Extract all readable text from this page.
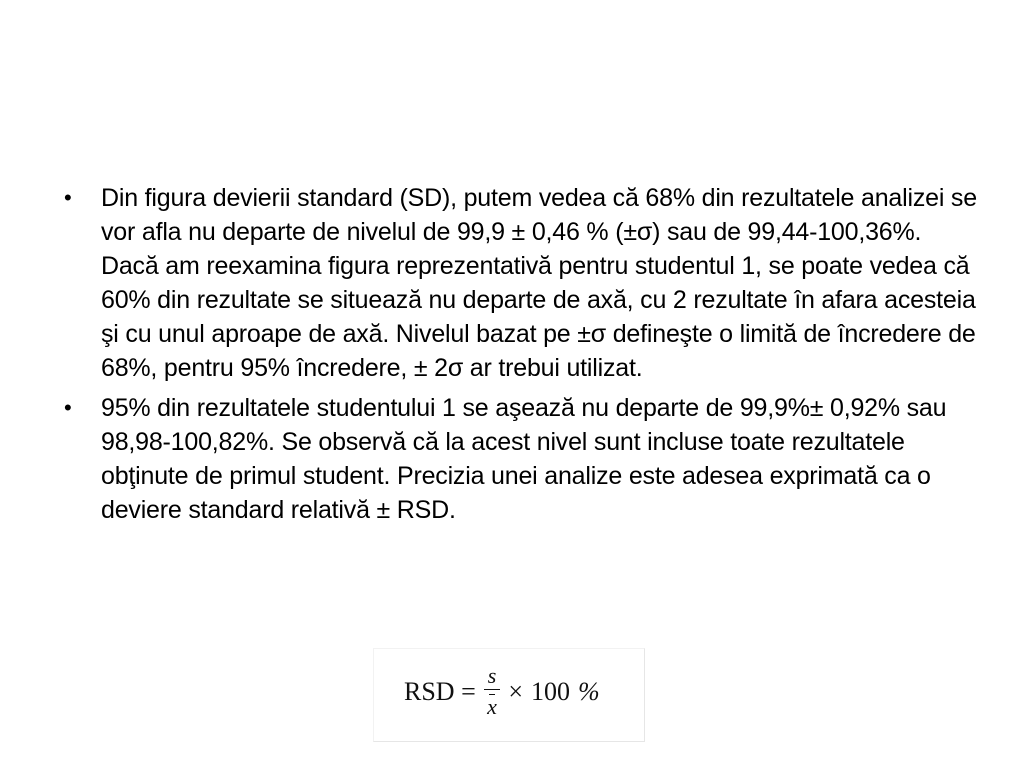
• Din figura devierii standard (SD), putem vedea că 68% din rezultatele analizei se vor afla nu departe de nivelul de 99,9 ± 0,46 % (±σ) sau de 99,44-100,36%. Dacă am reexamina figura reprezentativă pentru studentul 1, se poate vedea că 60% din rezultate se situează nu departe de axă, cu 2 rezultate în afara acesteia şi cu unul aproape de axă. Nivelul bazat pe ±σ defineşte o limită de încredere de 68%, pentru 95% încredere, ± 2σ ar trebui utilizat.
• 95% din rezultatele studentului 1 se aşează nu departe de 99,9%± 0,92% sau 98,98-100,82%. Se observă că la acest nivel sunt incluse toate rezultatele obţinute de primul student. Precizia unei analize este adesea exprimată ca o deviere standard relativă ± RSD.
RSD = $\frac{s}{x} \times 100$ %
